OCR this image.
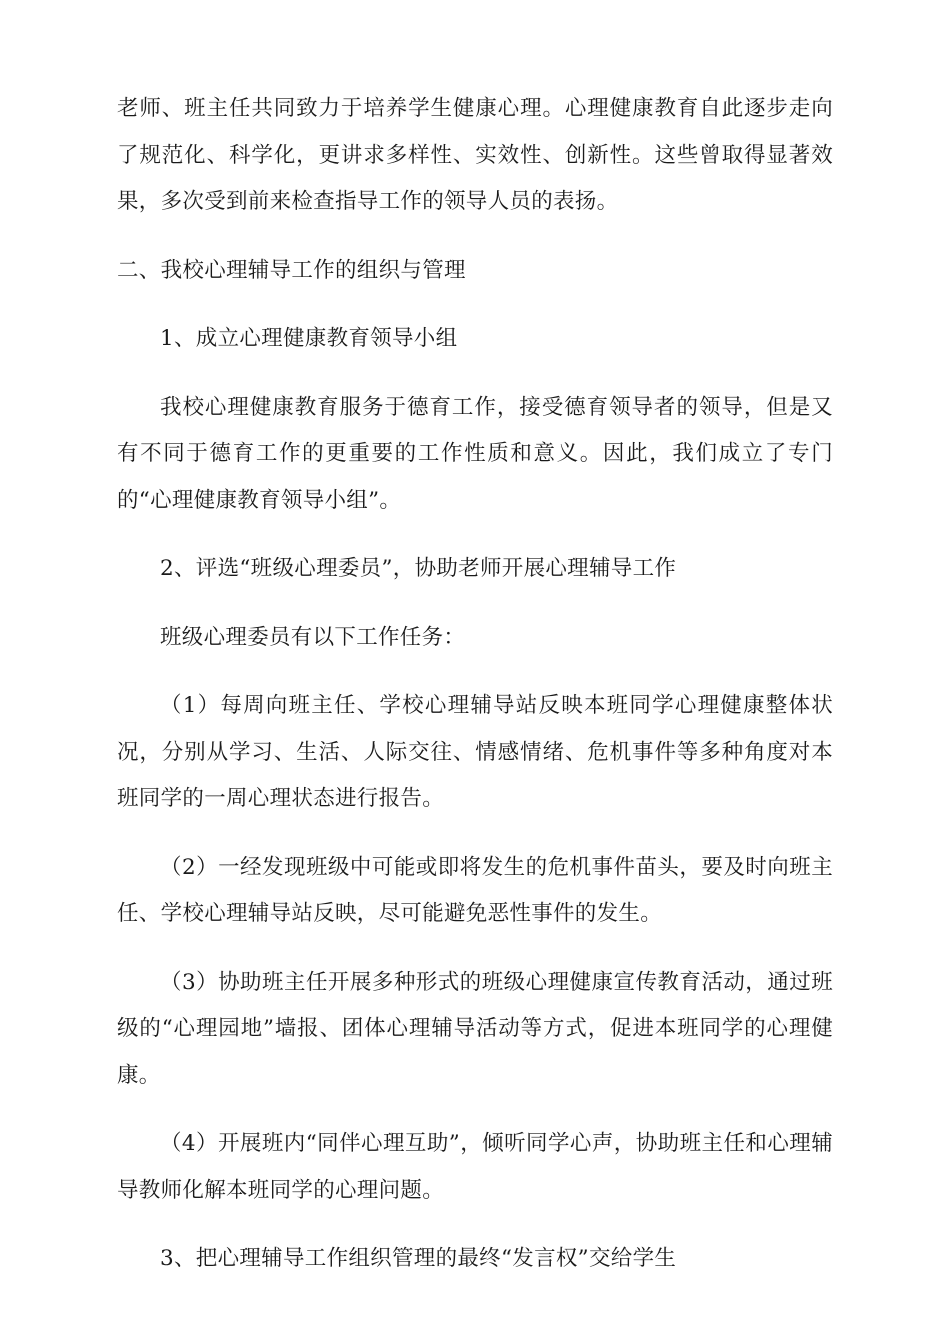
老师、班主任共同致力于培养学生健康心理。心理健康教育自此逐步走向了规范化、科学化，更讲求多样性、实效性、创新性。这些曾取得显著效果，多次受到前来检查指导工作的领导人员的表扬。

二、我校心理辅导工作的组织与管理

1、成立心理健康教育领导小组

我校心理健康教育服务于德育工作，接受德育领导者的领导，但是又有不同于德育工作的更重要的工作性质和意义。因此，我们成立了专门的“心理健康教育领导小组”。

2、评选“班级心理委员”，协助老师开展心理辅导工作

班级心理委员有以下工作任务：

（1）每周向班主任、学校心理辅导站反映本班同学心理健康整体状况，分别从学习、生活、人际交往、情感情绪、危机事件等多种角度对本班同学的一周心理状态进行报告。

（2）一经发现班级中可能或即将发生的危机事件苗头，要及时向班主任、学校心理辅导站反映，尽可能避免恶性事件的发生。

（3）协助班主任开展多种形式的班级心理健康宣传教育活动，通过班级的“心理园地”墙报、团体心理辅导活动等方式，促进本班同学的心理健康。

（4）开展班内“同伴心理互助”，倾听同学心声，协助班主任和心理辅导教师化解本班同学的心理问题。

3、把心理辅导工作组织管理的最终“发言权”交给学生
